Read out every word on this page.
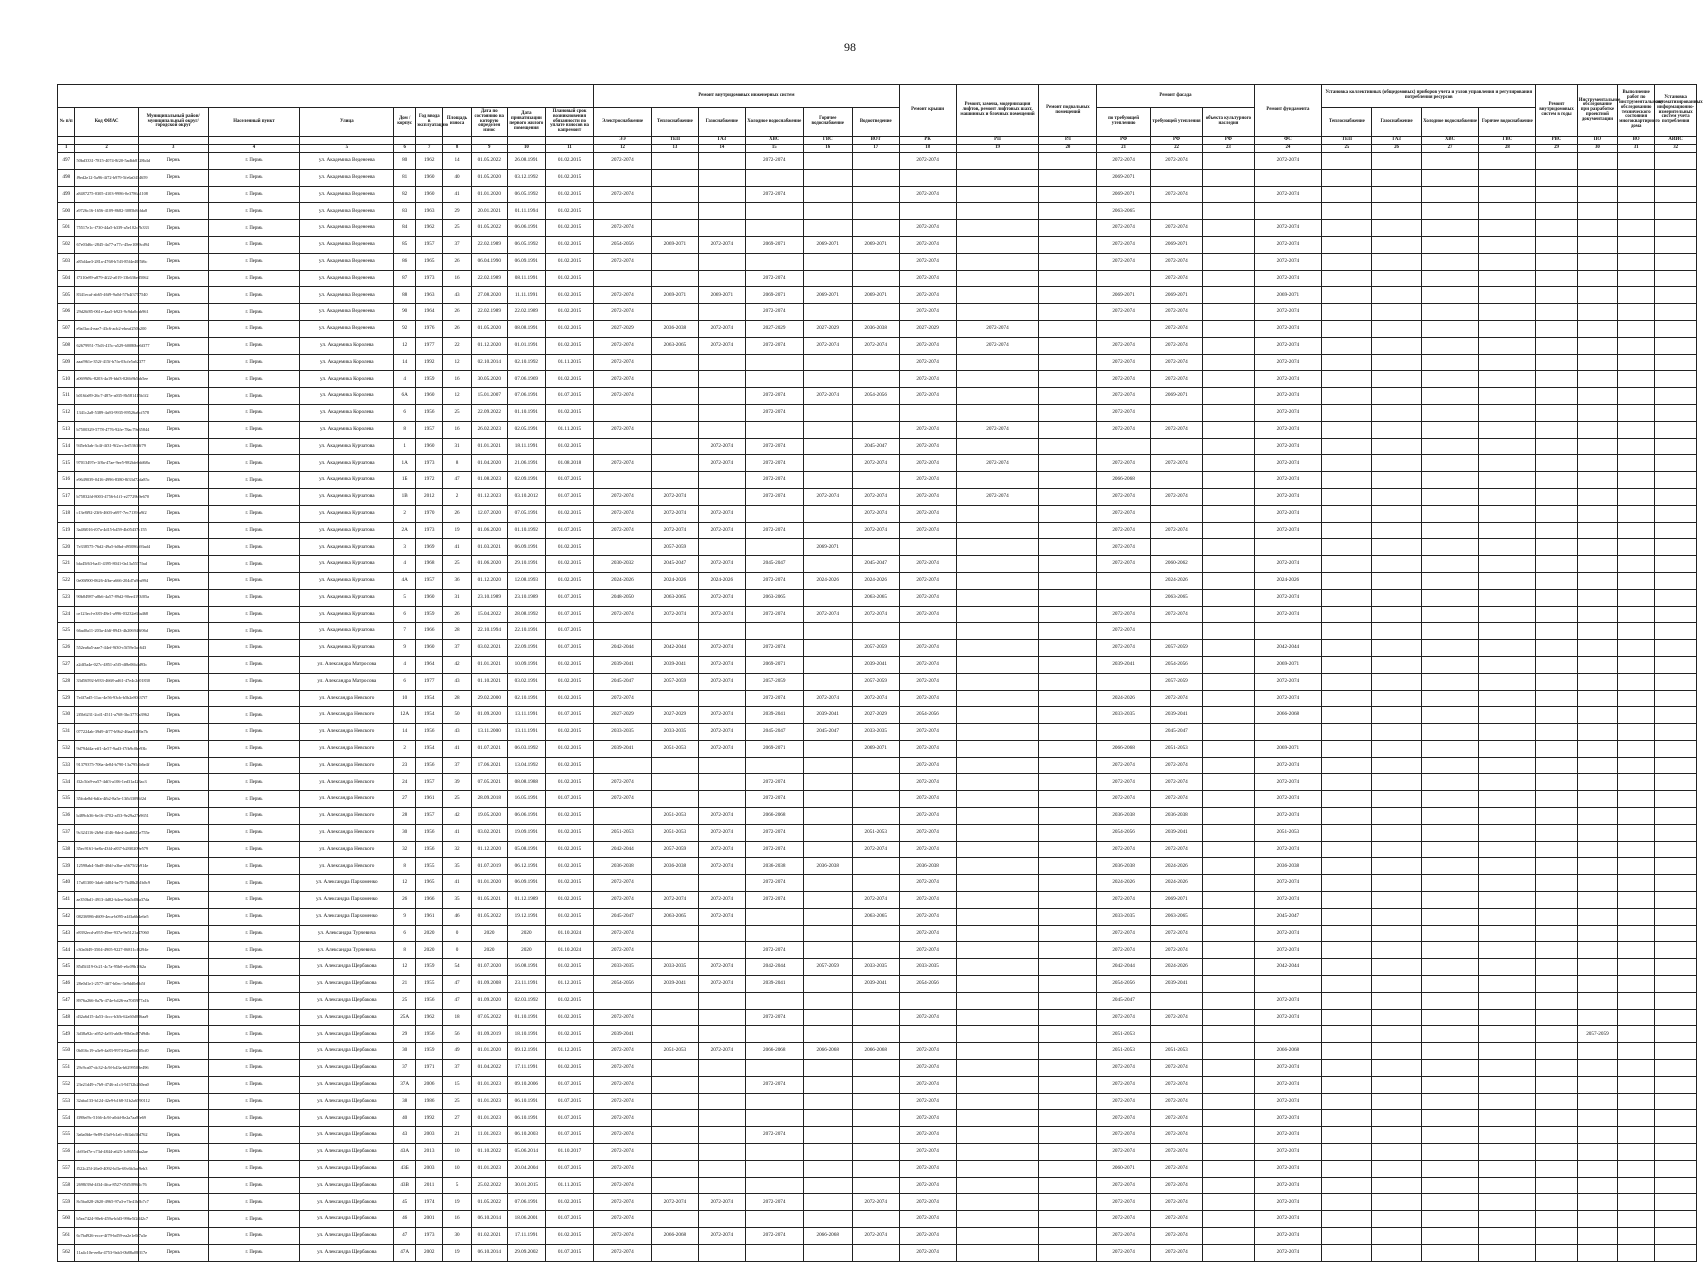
98
											Ремонт внутридомовых инженерных систем						Ремонт крыши	Ремонт, замена, модернизация лифтов, ремонт лифтовых шахт, машинных и блочных помещений	Ремонт подвальных помещений	Ремонт фасада			Ремонт фундамента	Установка коллективных (общедомовых) приборов учета и узлов управления и регулирования потребления ресурсов				Ремонт внутридомовых систем в годы	Инструментальное обследование при разработке проектной документации	Выполнение работ по инструментальному обследованию технического состояния многоквартирного дома	Установка автоматизированных информационно-измерительных систем учета потребления
№ п/п	Код ФИАС	Муниципальный район/муниципальный округ/городской округ	Населенный пункт	Улица	Дом / корпус	Год ввода в эксплуатацию	Площадь износа	Дата по состоянию на которую определен износ	Дата приватизации первого жилого помещения	Плановый срок возникновения обязанности по уплате взносов на капремонт	Электроснабжение	Теплоснабжение	Газоснабжение	Холодное водоснабжение	Горячее водоснабжение	Водоотведение				по требующей утеплению	требующей утепления	объекта культурного наследия		Теплоснабжение	Газоснабжение	Холодное водоснабжение	Горячее водоснабжение				
											ЭЭ	ТЕП	ГАЗ	ХВС	ГВС	ВОТ	РК	РП	РЛ	РФ	РФ	РФ	ФС	ТЕП	ГАЗ	ХВС	ГВС	РВС	ПО	ВО	АИИС
1	2	3	4	5	6	7	8	9	10	11	12	13	14	15	16	17	18	19	20	21	22	23	24	25	26	27	28	29	30	31	32
497	50bd3331-7815-4074-8f20-5adbb8128b4d	Пермь	г. Пермь	ул. Академика Веденеева	80	1962	14	01.05.2022	26.08.1991	01.02.2015	2072-2074			2072-2074			2072-2074			2072-2074	2072-2074		2072-2074								
498	f9ed2e12-5a96-4f72-b979-5fe6a0414659	Пермь	г. Пермь	ул. Академика Веденеева	81	1960	40	01.05.2020	03.12.1992	01.02.2015										2069-2071											
499	a8487275-0305-4103-9986-0e3786a1108	Пермь	г. Пермь	ул. Академика Веденеева	82	1960	41	01.01.2020	06.05.1992	01.02.2015	2072-2074			2072-2074			2072-2074			2069-2071	2072-2074		2072-2074								
500	a9726c16-1656-4109-8682-3085b8cfda8	Пермь	г. Пермь	ул. Академика Веденеева	83	1963	29	20.01.2021	01.11.1994	01.02.2015										2063-2065											
501	75517e1c-f730-44a5-b339-a5e102c7b333	Пермь	г. Пермь	ул. Академика Веденеева	84	1962	25	01.05.2022	06.06.1991	01.02.2015	2072-2074						2072-2074			2072-2074	2072-2074		2072-2074								
502	67e03d6c-2845-4a77-a77c-45ee1089cd94	Пермь	г. Пермь	ул. Академика Веденеева	85	1957	37	22.02.1989	06.05.1992	01.02.2015	2054-2056	2069-2071	2072-2074	2069-2071	2069-2071	2069-2071	2072-2074			2072-2074	2069-2071		2072-2074								
503	a85d4ae3-281a-4768-b7d3-85f4e40f5f6c	Пермь	г. Пермь	ул. Академика Веденеева	86	1965	26	06.04.1990	06.09.1991	01.02.2015	2072-2074						2072-2074			2072-2074	2072-2074		2072-2074								
504	f7310e89-a879-4f22-a019-13b636ed5062	Пермь	г. Пермь	ул. Академика Веденеева	87	1973	16	22.02.1989	08.11.1991	01.02.2015				2072-2074			2072-2074				2072-2074		2072-2074								
505	8341ecaf-ab65-46f9-9a0d-57b4f3757540	Пермь	г. Пермь	ул. Академика Веденеева	88	1963	43	27.08.2020	11.11.1991	01.02.2015	2072-2074	2069-2071	2069-2071	2069-2071	2069-2071	2069-2071	2072-2074			2069-2071	2069-2071		2069-2071								
506	29d26f85-061e-4aa5-b923-9c9da0cab961	Пермь	г. Пермь	ул. Академика Веденеева	90	1964	26	22.02.1989	22.02.1989	01.02.2015	2072-2074			2072-2074			2072-2074			2072-2074	2072-2074		2072-2074								
507	e9af3ac4-eae7-43c6-acb2-ebeaf250b200	Пермь	г. Пермь	ул. Академика Веденеева	92	1976	26	01.05.2020	08.08.1991	01.02.2015	2027-2029	2036-2038	2072-2074	2027-2029	2027-2029	2036-2038	2027-2029	2072-2074			2072-2074		2072-2074								
508	62679951-75d3-415c-a529-60080be6f377	Пермь	г. Пермь	ул. Академика Королева	12	1977	22	01.12.2020	01.01.1991	01.02.2015	2072-2074	2063-2065	2072-2074	2072-2074	2072-2074	2072-2074	2072-2074	2072-2074		2072-2074	2072-2074		2072-2074								
509	aaaf961e-352f-415f-b7fa-03cfe5a62377	Пермь	г. Пермь	ул. Академика Королева	14	1992	12	02.10.2014	02.10.1992	01.11.2015	2072-2074						2072-2074			2072-2074	2072-2074		2072-2074								
510	a0699f8c-8203-4a19-bbf3-026b9b5ab5ee	Пермь	г. Пермь	ул. Академика Королева	4	1959	16	30.05.2020	07.06.1969	01.02.2015	2072-2074						2072-2074			2072-2074	2072-2074		2072-2074								
511	b016fa89-26c7-487e-a035-8b581415b1f2	Пермь	г. Пермь	ул. Академика Королева	6А	1960	12	15.01.2007	07.06.1991	01.07.2015	2072-2074			2072-2074	2072-2074	2054-2056	2072-2074			2072-2074	2069-2071		2072-2074								
512	1341c2a8-5389-4a93-9935-89526a6cf578	Пермь	г. Пермь	ул. Академика Королева	6	1956	25	22.09.2022	01.10.1991	01.02.2015				2072-2074						2072-2074			2072-2074								
513	b7500329-5778-4776-92fe-78ac79e35844	Пермь	г. Пермь	ул. Академика Королева	8	1957	16	26.02.2023	02.05.1991	01.11.2015	2072-2074						2072-2074	2072-2074		2072-2074	2072-2074		2072-2074								
514	945eb3ab-3c4f-4f31-9f2a-c3ef53630f79	Пермь	г. Пермь	ул. Академика Курчатова	1	1960	31	01.01.2021	18.11.1991	01.02.2015			2072-2074	2072-2074		2045-2047	2072-2074						2072-2074								
515	97013497e-1f8a-47ae-9ee5-982bfe0dd68a	Пермь	г. Пермь	ул. Академика Курчатова	1А	1973	8	01.04.2020	21.06.1991	01.08.2018	2072-2074		2072-2074	2072-2074		2072-2074	2072-2074	2072-2074		2072-2074	2072-2074		2072-2074								
516	e9649039-0416-4996-8380-8f33d72da85c	Пермь	г. Пермь	ул. Академика Курчатова	1Б	1972	47	01.08.2023	02.09.1991	01.07.2015				2072-2074			2072-2074			2066-2068			2072-2074								
517	b75832fd-8003-4756-b1f1-e27729b9e670	Пермь	г. Пермь	ул. Академика Курчатова	1В	2012	2	01.12.2023	03.10.2012	01.07.2015	2072-2074	2072-2074		2072-2074	2072-2074	2072-2074	2072-2074	2072-2074		2072-2074	2072-2074		2072-2074								
518	c13e8f92-23f6-4603-a697-7ec7139fa9f2	Пермь	г. Пермь	ул. Академика Курчатова	2	1970	26	12.07.2020	07.05.1991	01.02.2015	2072-2074	2072-2074	2072-2074			2072-2074	2072-2074			2072-2074			2072-2074								
519	3a48f016-f07a-4d15-b459-4b05437c155	Пермь	г. Пермь	ул. Академика Курчатова	2А	1973	19	01.06.2020	01.10.1992	01.07.2015	2072-2074	2072-2074	2072-2074	2072-2074		2072-2074	2072-2074			2072-2074	2072-2074		2072-2074								
520	7e338575-76d2-49a5-b0bd-d95086a93ad4	Пермь	г. Пермь	ул. Академика Курчатова	3	1969	41	01.03.2021	06.09.1991	01.02.2015		2057-2059			2069-2071					2072-2074											
521	bfa45f63-baf1-4395-8041-0a13a5557fad	Пермь	г. Пермь	ул. Академика Курчатова	4	1968	25	01.06.2020	29.10.1991	01.02.2015	2030-2032	2045-2047	2072-2074	2045-2047		2045-2047	2072-2074			2072-2074	2060-2062		2072-2074								
522	0e00f900-0626-4fbe-a666-204d7a9ea994	Пермь	г. Пермь	ул. Академика Курчатова	4А	1957	36	01.12.2020	12.08.1993	01.02.2015	2024-2026	2024-2026	2024-2026	2072-2074	2024-2026	2024-2026	2072-2074				2024-2026		2024-2026								
523	90b84987-a8b6-4a57-89d2-90ee4193f05a	Пермь	г. Пермь	ул. Академика Курчатова	5	1960	31	23.10.1989	23.10.1989	01.07.2015	2048-2050	2063-2065	2072-2074	2063-2065		2063-2065	2072-2074				2063-2065		2072-2074								
524	ce123ecf-e383-48e1-a996-03232e65a468	Пермь	г. Пермь	ул. Академика Курчатова	6	1959	26	15.04.2022	28.08.1992	01.07.2015	2072-2074	2072-2074	2072-2074	2072-2074	2072-2074	2072-2074	2072-2074			2072-2074	2072-2074		2072-2074								
525	66ad0a11-203a-4fdf-8943-4b206949f06d	Пермь	г. Пермь	ул. Академика Курчатова	7	1966	28	22.10.1994	22.10.1991	01.07.2015										2072-2074											
526	552ea6a5-aae7-44ef-9f30-c5f59e3ac643	Пермь	г. Пермь	ул. Академика Курчатова	9	1960	37	03.02.2021	22.09.1991	01.07.2015	2042-2044	2042-2044	2072-2074	2072-2074		2057-2059	2072-2074			2072-2074	2057-2059		2042-2044								
527	a2df5a4e-027c-4851-a5f5-df8e06b4d93c	Пермь	г. Пермь	ул. Александра Матросова	4	1964	42	01.01.2021	10.09.1991	01.02.2015	2039-2041	2039-2041	2072-2074	2069-2071		2039-2041	2072-2074			2039-2041	2054-2056		2069-2071								
528	33d56592-b933-4668-ad61-47e4c2e01830	Пермь	г. Пермь	ул. Александра Матросова	6	1977	43	01.10.2021	03.02.1991	01.02.2015	2045-2047	2057-2059	2072-2074	2057-2059		2057-2059	2072-2074				2057-2059		2072-2074								
529	7e4f7ad5-11ac-4e56-93cb-b5b2e80c37f7	Пермь	г. Пермь	ул. Александра Невского	10	1954	28	29.02.2000	02.10.1991	01.02.2015	2072-2074			2072-2074	2072-2074	2072-2074	2072-2074			2024-2026	2072-2074		2072-2074								
530	2f5b6231-2cd1-4511-a768-3bc3770a3962	Пермь	г. Пермь	ул. Александра Невского	12А	1954	50	01.09.2020	13.11.1991	01.07.2015	2027-2029	2027-2029	2072-2074	2039-2041	2039-2041	2027-2029	2054-2056			2033-2035	2039-2041		2066-2068								
531	077224ab-39d9-4f77-b9b2-46aaff1b9a7b	Пермь	г. Пермь	ул. Александра Невского	14	1956	43	13.11.2000	13.11.1991	01.02.2015	2033-2035	2033-2035	2072-2074	2045-2047	2045-2047	2033-2035	2072-2074				2045-2047										
532	9d794d4a-eff1-4e57-9ad3-f7fb9c0be93b	Пермь	г. Пермь	ул. Александра Невского	2	1954	41	01.07.2021	06.03.1992	01.02.2015	2039-2041	2051-2053	2072-2074	2069-2071		2069-2071	2072-2074			2066-2068	2051-2053		2069-2071								
533	91379375-706a-4e84-b790-13a7954b6e4f	Пермь	г. Пермь	ул. Александра Невского	23	1956	37	17.06.2021	13.04.1992	01.02.2015							2072-2074			2072-2074	2072-2074		2072-2074								
534	f32c5fa9-ea57-4df3-a106-1ed31a423ac3	Пермь	г. Пермь	ул. Александра Невского	24	1957	39	07.05.2021	08.08.1988	01.02.2015	2072-2074			2072-2074			2072-2074			2072-2074	2072-2074		2072-2074								
535	35fcde8d-6dfa-4fb2-8a5e-13fb33096f2d	Пермь	г. Пермь	ул. Александра Невского	27	1961	25	28.09.2018	16.05.1991	01.07.2015	2072-2074			2072-2074			2072-2074			2072-2074	2072-2074		2072-2074								
536	b489cb36-6e16-4702-af53-9e29a27a9651	Пермь	г. Пермь	ул. Александра Невского	28	1957	42	19.05.2020	06.06.1991	01.02.2015		2051-2053	2072-2074	2066-2068			2072-2074			2036-2038	2036-2038		2072-2074								
537	9c324116-2b9d-4146-8de4-4ad6023e755e	Пермь	г. Пермь	ул. Александра Невского	30	1956	41	03.02.2021	19.09.1991	01.02.2015	2051-2053	2051-2053	2072-2074	2072-2074		2051-2053	2072-2074			2054-2056	2039-2041		2051-2053								
538	35ec9161-be8a-43f4-a837-b28f0209e579	Пермь	г. Пермь	ул. Александра Невского	32	1956	32	01.12.2020	05.08.1991	01.02.2015	2042-2044	2057-2059	2072-2074	2072-2074		2072-2074	2072-2074			2072-2074	2072-2074		2072-2074								
539	12598ab4-5bd8-40df-a3be-a5675f2b914e	Пермь	г. Пермь	ул. Александра Невского	8	1955	35	01.07.2019	06.12.1991	01.02.2015	2036-2038	2036-2038	2072-2074	2036-2038	2036-2038		2036-2038			2036-2038	2024-2026		2036-2038								
540	17a81300-3da6-4d84-be75-7b48b2b1b0c9	Пермь	г. Пермь	ул. Александра Пархоменко	12	1965	41	01.01.2020	06.09.1991	01.02.2015	2072-2074			2072-2074			2072-2074			2024-2026	2024-2026		2072-2074								
541	ae350bd1-4913-4d82-b4ea-9da5d0ba37da	Пермь	г. Пермь	ул. Александра Пархоменко	26	1966	35	01.05.2021	01.12.1989	01.02.2015	2072-2074	2072-2074	2072-2074	2072-2074		2072-2074	2072-2074			2072-2074	2069-2071		2072-2074								
542	08236986-d609-4eca-b095-a4f3a6b4e6e5	Пермь	г. Пермь	ул. Александра Пархоменко	9	1961	46	01.05.2022	19.12.1991	01.02.2015	2045-2047	2063-2065	2072-2074			2063-2065	2072-2074			2033-2035	2063-2065		2045-2047								
543	e8392ecd-a955-49ee-937a-9e5121a47060	Пермь	г. Пермь	ул. Александра Турчевича	6	2020	0	2020	2020	01.10.2024	2072-2074						2072-2074			2072-2074	2072-2074		2072-2074								
544	c30a0f49-3504-4905-9227-06811cf5294e	Пермь	г. Пермь	ул. Александра Турчевича	8	2020	0	2020	2020	01.10.2024	2072-2074			2072-2074			2072-2074			2072-2074	2072-2074		2072-2074								
545	85d5f419-0c21-4c7a-95b0-e6c09b1f62a	Пермь	г. Пермь	ул. Александра Щербакова	12	1959	54	01.07.2020	16.08.1991	01.02.2015	2033-2035	2033-2035	2072-2074	2042-2044	2057-2059	2033-2035	2033-2035			2042-2044	2024-2026		2042-2044								
546	28e0d1e1-2577-4ff7-b0ec-3e9dd0ebb5f	Пермь	г. Пермь	ул. Александра Щербакова	21	1955	47	01.09.2008	23.11.1991	01.12.2015	2054-2056	2039-2041	2072-2074	2039-2041		2039-2041	2054-2056			2054-2056	2039-2041										
547	8976a266-0a7b-474e-b426-ea70f5977a1b	Пермь	г. Пермь	ул. Александра Щербакова	25	1956	47	01.09.2020	02.03.1992	01.02.2015										2045-2047			2072-2074								
548	d32a6d15-4a53-4ccc-b3fb-62a60d026aa9	Пермь	г. Пермь	ул. Александра Щербакова	25А	1962	18	07.05.2022	01.10.1991	01.02.2015	2072-2074			2072-2074			2072-2074			2072-2074	2072-2074		2072-2074								
549	3d38a92c-a952-4a93-ab0b-90b0ad87d9db	Пермь	г. Пермь	ул. Александра Щербакова	29	1956	56	01.09.2019	18.10.1991	01.02.2015	2039-2041									2051-2053									2057-2059		
550	0b016c19-a3e9-4a83-9974-82ae6b005cf0	Пермь	г. Пермь	ул. Александра Щербакова	30	1959	49	01.01.2020	09.12.1991	01.12.2015	2072-2074	2051-2053	2072-2074	2066-2068	2066-2068	2066-2068	2072-2074			2051-2053	2051-2053		2066-2068								
551	29c9ca07-dc32-4c9f-b43a-b6299508e496	Пермь	г. Пермь	ул. Александра Щербакова	37	1971	37	01.04.2022	17.11.1991	01.02.2015	2072-2074						2072-2074			2072-2074	2072-2074		2072-2074								
552	23e21d49-c7b9-4746-a1c3-947f2b260ea0	Пермь	г. Пермь	ул. Александра Щербакова	37А	2006	15	01.01.2023	09.10.2006	01.07.2015	2072-2074			2072-2074			2072-2074			2072-2074	2072-2074		2072-2074								
553	32aba133-b124-42e9-b168-31b2a6590112	Пермь	г. Пермь	ул. Александра Щербакова	38	1986	25	01.01.2023	06.10.1991	01.07.2015	2072-2074						2072-2074			2072-2074	2072-2074		2072-2074								
554	f398ef9c-5166-4c9f-a0dd-8e2a7aa8fe69	Пермь	г. Пермь	ул. Александра Щербакова	40	1992	27	01.01.2023	06.10.1991	01.07.2015	2072-2074						2072-2074			2072-2074	2072-2074		2072-2074								
555	3a6a0fde-9e89-43a9-b1a6-c8f4ab3bd762	Пермь	г. Пермь	ул. Александра Щербакова	43	2003	21	11.01.2023	06.10.2003	01.07.2015	2072-2074			2072-2074			2072-2074			2072-2074	2072-2074		2072-2074								
556	cb93ef7e-c73d-4844-a625-1c86554aa2ae	Пермь	г. Пермь	ул. Александра Щербакова	43А	2013	10	01.10.2022	05.06.2014	01.10.2017	2072-2074						2072-2074			2072-2074	2072-2074		2072-2074								
557	f522c25f-26e0-4092-bf3e-69c6b3ad9eb3	Пермь	г. Пермь	ул. Александра Щербакова	43Б	2003	10	01.01.2023	20.04.2004	01.07.2015	2072-2074						2072-2074			2060-2071	2072-2074		2072-2074								
558	2698f39d-4f34-4fca-8527-05f5f8962c76	Пермь	г. Пермь	ул. Александра Щербакова	43В	2011	5	25.02.2022	30.01.2015	01.11.2015	2072-2074						2072-2074			2072-2074	2072-2074		2072-2074								
559	8c5ba028-2620-4965-97a3-e7fe41b5b7c7	Пермь	г. Пермь	ул. Александра Щербакова	45	1974	19	01.05.2022	07.06.1991	01.02.2015	2072-2074	2072-2074	2072-2074	2072-2074		2072-2074	2072-2074			2072-2074	2072-2074		2072-2074								
560	b5ea7424-90e6-459a-bfd3-996e5f2d42c7	Пермь	г. Пермь	ул. Александра Щербакова	46	2001	16	06.10.2014	18.06.2001	01.07.2015	2072-2074						2072-2074			2072-2074	2072-2074		2072-2074								
561	6c7bd926-ecce-4f79-bd59-ea2e1e0f7a3e	Пермь	г. Пермь	ул. Александра Щербакова	47	1973	30	01.02.2021	17.11.1991	01.02.2015	2072-2074	2066-2068	2072-2074	2072-2074	2066-2068	2072-2074	2072-2074			2072-2074	2072-2074		2072-2074								
562	11a4c10e-ee0a-4753-9ab3-0b88a08ff17e	Пермь	г. Пермь	ул. Александра Щербакова	47А	2002	19	06.10.2014	29.09.2002	01.07.2015	2072-2074						2072-2074			2072-2074	2072-2074		2072-2074								
